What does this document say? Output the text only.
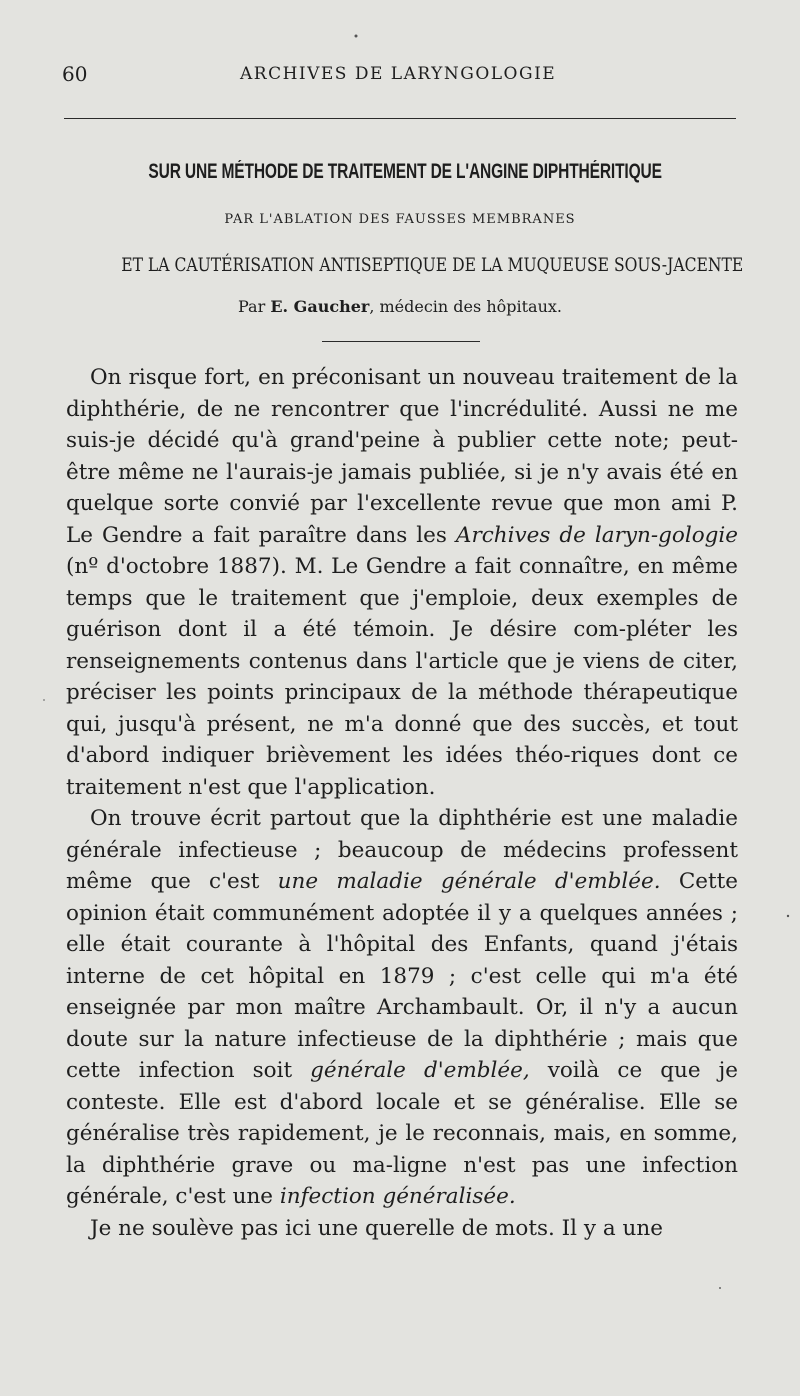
60	ARCHIVES DE LARYNGOLOGIE
SUR UNE MÉTHODE DE TRAITEMENT DE L'ANGINE DIPHTHÉRITIQUE
PAR L'ABLATION DES FAUSSES MEMBRANES
ET LA CAUTÉRISATION ANTISEPTIQUE DE LA MUQUEUSE SOUS-JACENTE
Par E. Gaucher, médecin des hôpitaux.

On risque fort, en préconisant un nouveau traitement de la diphthérie, de ne rencontrer que l'incrédulité. Aussi ne me suis-je décidé qu'à grand'peine à publier cette note; peut-être même ne l'aurais-je jamais publiée, si je n'y avais été en quelque sorte convié par l'excellente revue que mon ami P. Le Gendre a fait paraître dans les Archives de laryn-gologie (nº d'octobre 1887). M. Le Gendre a fait connaître, en même temps que le traitement que j'emploie, deux exemples de guérison dont il a été témoin. Je désire com-pléter les renseignements contenus dans l'article que je viens de citer, préciser les points principaux de la méthode thérapeutique qui, jusqu'à présent, ne m'a donné que des succès, et tout d'abord indiquer brièvement les idées théo-riques dont ce traitement n'est que l'application.

On trouve écrit partout que la diphthérie est une maladie générale infectieuse ; beaucoup de médecins professent même que c'est une maladie générale d'emblée. Cette opinion était communément adoptée il y a quelques années ; elle était courante à l'hôpital des Enfants, quand j'étais interne de cet hôpital en 1879 ; c'est celle qui m'a été enseignée par mon maître Archambault. Or, il n'y a aucun doute sur la nature infectieuse de la diphthérie ; mais que cette infection soit générale d'emblée, voilà ce que je conteste. Elle est d'abord locale et se généralise. Elle se généralise très rapidement, je le reconnais, mais, en somme, la diphthérie grave ou ma-ligne n'est pas une infection générale, c'est une infection généralisée.

Je ne soulève pas ici une querelle de mots. Il y a une
